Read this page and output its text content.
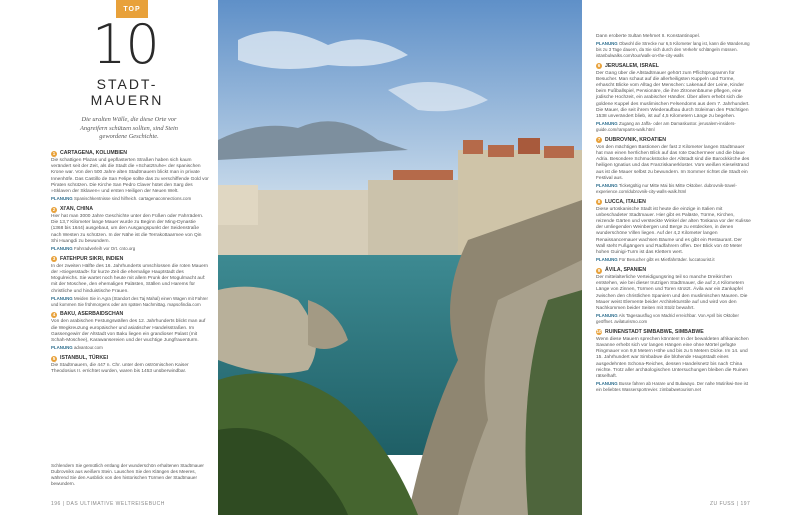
TOP
10
STADT-
MAUERN
Die uralten Wälle, die diese Orte vor Angreifern schützen sollten, sind Stein gewordene Geschichte.
1 CARTAGENA, KOLUMBIEN
Die schattigen Plazas und gepflasterten Straßen haben sich kaum verändert seit der Zeit, als die Stadt die »Schatztruhe« der spanischen Krone war. Von den 500 Jahre alten Stadtmauern blickt man in private Innenhöfe. Das Castillo de San Felipe sollte das zu verschiffende Gold vor Piraten schützen. Die Kirche San Pedro Claver hütet den Sarg des »Sklaven der Sklaven« und ersten Heiligen der Neuen Welt.
PLANUNG Spanischkentnisse sind hilfreich. cartagenaconnections.com
2 XI'AN, CHINA
Hier hat man 3000 Jahre Geschichte unter den Füßen oder Fahrrädern. Die 13,7 Kilometer lange Mauer wurde zu Beginn der Ming-Dynastie (1368 bis 1644) ausgebaut, um den Ausgangspunkt der Seidenstraße nach Westen zu schützen. In der Nähe ist die Terrakottaarmee von Qin Shi Huangdi zu bewundern.
PLANUNG Fahrradverleih vor Ort. cnto.org
3 FATEHPUR SIKRI, INDIEN
In der zweiten Hälfte des 16. Jahrhunderts umschlossen die roten Mauern der »Siegesstadt« für kurze Zeit die ehemalige Hauptstadt des Mogulreichs. Sie wartet noch heute mit allem Prunk der Mogulmacht auf: mit der Moschee, den ehemaligen Palästen, Ställen und Harems für christliche und hinduistische Frauen.
PLANUNG Meiden Sie in Agra (Standort des Taj Mahal) einen Wagen mit Fahrer und kommen Sie frühmorgens oder am späten Nachmittag. mapsofindia.com
4 BAKU, ASERBAIDSCHAN
Von den arabischen Festungswällen des 12. Jahrhunderts blickt man auf die Wegkreuzung europäischer und asiatischer Handelsstraßen. Im Gassengewirr der Altstadt von Baku liegen ein grandioser Palast (mit Schah-Moschee), Karawansereien und der wuchtige Jungfrauenturm.
PLANUNG advantour.com
5 ISTANBUL, TÜRKEI
Die Stadtmauern, die 447 n. Chr. unter dem oströmischen Kaiser Theodosius II. errichtet wurden, waren bis 1453 unüberwindbar.
Schlendern Sie gemütlich entlang der wunderschön erhaltenen Stadtmauer Dubrovniks aus weißem Stein. Lauschen Sie den Klängen des Meeres, während Sie den Ausblick von den historischen Türmen der Stadtmauer bewundern.
196 | DAS ULTIMATIVE WELTREISEBUCH
Dann eroberte Sultan Mehmet II. Konstantinopel.
PLANUNG Obwohl die Strecke nur 6,5 Kilometer lang ist, kann die Wanderung bis zu 3 Tage dauern, da Sie sich durch den Verkehr schlängeln müssen. istanbulwalks.com/tour/walk-on-the-city-walls
6 JERUSALEM, ISRAEL
Der Gang über die Altstadtmauer gehört zum Pflichtprogramm für Besucher. Man schaut auf die allerheiligsten Kuppeln und Türme, erhascht Blicke vom Alltag der Menschen: Lakenauf der Leine, Kinder beim Fußballspiel, Pensionäre, die ihre Zitronenbäume pflegen, eine jüdische Hochzeit, ein arabischer Händler. Über allem erhebt sich die goldene Kuppel des muslimischen Felsendoms aus dem 7. Jahrhundert. Die Mauer, die seit ihrem Wiederaufbau durch Süleiman den Prächtigen 1538 unverändert blieb, ist auf 4,5 Kilometern Länge zu begehen.
PLANUNG Zugang an Jaffa- oder am Damaskustor. jerusalem-insiders-guide.com/ramparts-walk.html
7 DUBROVNIK, KROATIEN
Von den mächtigen Bastionen der fast 2 Kilometer langen Stadtmauer hat man einen herrlichen Blick auf das rote Dachermeer und die blaue Adria. Besondere Schmuckstücke der Altstadt sind die Barockkirche des heiligen Ignatius und das Franziskanerkloster. Vom weißen Kieselstrand aus ist die Mauer selbst zu bewundern. Im Sommer richtet die Stadt ein Festival aus.
PLANUNG Ticketgültig nur Mitte Mai bis Mitte Oktober. dubrovnik-travel-experience.com/dubrovnik-city-walls-walk.html
8 LUCCA, ITALIEN
Diese urtoskanische Stadt ist heute die einzige in Italien mit unbeschadeter Stadtmauer. Hier gibt es Paläste, Türme, Kirchen, reizende Gärten und versteckte Winkel der alten Toskana vor der Kulisse der umliegenden Weinbergen und Berge zu entdecken, in denen wunderschöne Villen liegen. Auf der 4,2 Kilometer langen Renaissancemauer wachsen Bäume und es gibt ein Restaurant. Der Wall steht Fußgängern und Radfahrern offen. Der Blick von 40 Meter hohen Guinigi-Turm ist das Klettern wert.
PLANUNG Für Besucher gibt es Mietfahrräder. luccatourist.it
9 ÁVILA, SPANIEN
Der mittelalterliche Verteidigungsring teil so manche Dreikirchen entstehen, wie bei dieser trutzigen Stadtmauer, die auf 2,4 Kilometern Länge von Zinnen, Türmen und Toren strotzt. Ávila war ein Zankapfel zwischen den christlichen Spaniern und den muslimischen Mauren. Die Mauer weist Elemente beider Architekturstile auf und wird von den Nachkommen beider Seiten mit Stolz bewahrt.
PLANUNG Als Tagesausflug von Madrid erreichbar. Von April bis Oktober geöffnet. avilaturismo.com
10 RUINENSTADT SIMBABWE, SIMBABWE
Wenn diese Mauern sprechen könnten! In der bewaldeten afrikanischen Savanne erhebt sich vor langen Hängen eine ohne Mörtel gefügte Ringmauer von 9,8 Metern Höhe und bis zu 5 Metern Dicke. Im 14. und 15. Jahrhundert war Simbabwe die blühende Hauptstadt eines ausgedehnten Schona-Reiches, dessen Handelsnetz bis nach China reichte. Trotz aller archäologischen Untersuchungen bleiben die Ruinen rätselhaft.
PLANUNG Busse fahren ab Harare und Bulawayo. Der nahe Mutirikwi-See ist ein beliebtes Wassersportrevier. zimbabwetourism.net
ZU FUSS | 197
